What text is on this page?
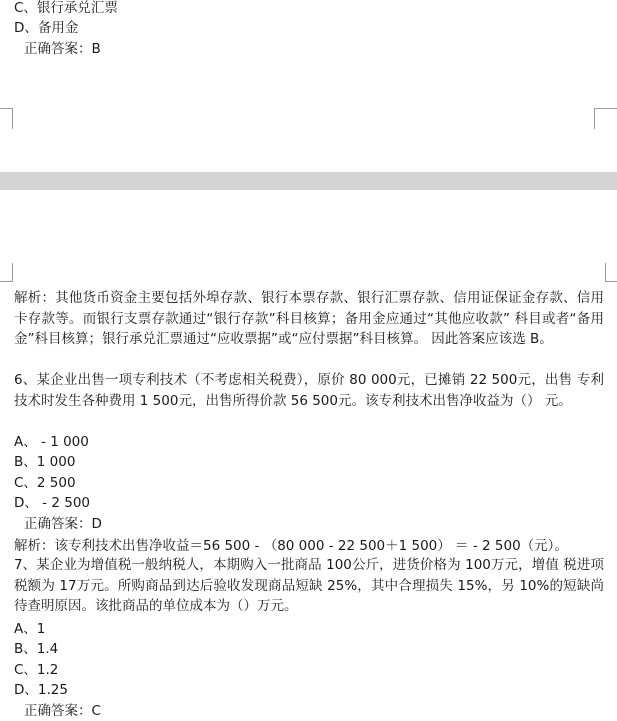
C、银行承兑汇票
D、备用金
正确答案：B
解析：其他货币资金主要包括外埠存款、银行本票存款、银行汇票存款、信用证保证金存款、信用卡存款等。而银行支票存款通过“银行存款”科目核算；备用金应通过“其他应收款” 科目或者“备用金”科目核算；银行承兑汇票通过“应收票据”或“应付票据”科目核算。 因此答案应该选 B。
6、某企业出售一项专利技术（不考虑相关税费），原价 80 000元，已摊销 22 500元，出售 专利技术时发生各种费用 1 500元，出售所得价款 56 500元。该专利技术出售净收益为（） 元。
A、 - 1 000
B、1 000
C、2 500
D、 - 2 500
正确答案：D
解析：该专利技术出售净收益＝56 500 - （80 000 - 22 500＋1 500） ＝ - 2 500（元）。
7、某企业为增值税一般纳税人，本期购入一批商品 100公斤，进货价格为 100万元，增值 税进项税额为 17万元。所购商品到达后验收发现商品短缺 25%，其中合理损失 15%，另 10%的短缺尚待查明原因。该批商品的单位成本为（）万元。
A、1
B、1.4
C、1.2
D、1.25
正确答案：C
